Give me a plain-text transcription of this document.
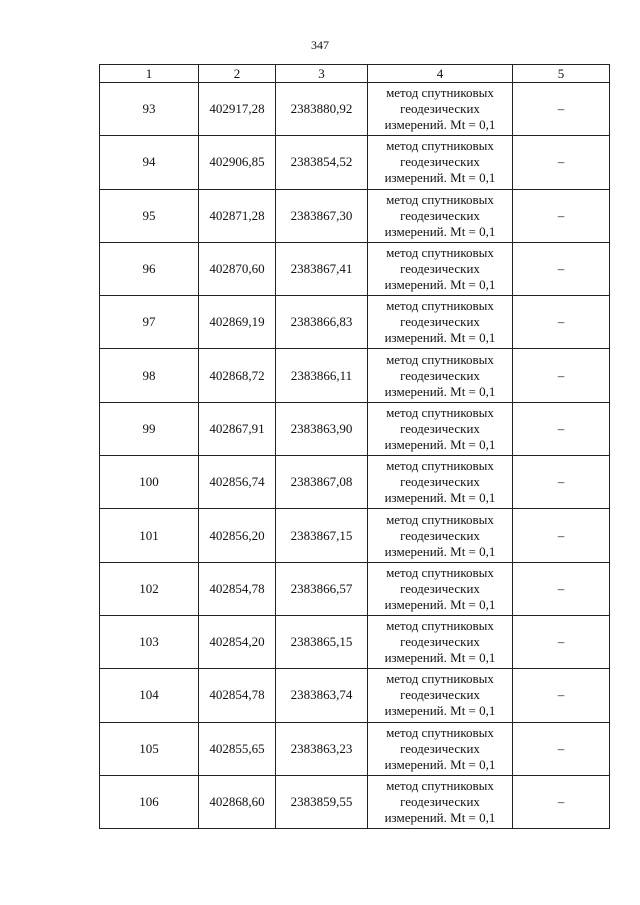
347
1	2	3	4	5
93	402917,28	2383880,92	метод спутниковых
геодезических
измерений. Mt = 0,1	–
94	402906,85	2383854,52	метод спутниковых
геодезических
измерений. Mt = 0,1	–
95	402871,28	2383867,30	метод спутниковых
геодезических
измерений. Mt = 0,1	–
96	402870,60	2383867,41	метод спутниковых
геодезических
измерений. Mt = 0,1	–
97	402869,19	2383866,83	метод спутниковых
геодезических
измерений. Mt = 0,1	–
98	402868,72	2383866,11	метод спутниковых
геодезических
измерений. Mt = 0,1	–
99	402867,91	2383863,90	метод спутниковых
геодезических
измерений. Mt = 0,1	–
100	402856,74	2383867,08	метод спутниковых
геодезических
измерений. Mt = 0,1	–
101	402856,20	2383867,15	метод спутниковых
геодезических
измерений. Mt = 0,1	–
102	402854,78	2383866,57	метод спутниковых
геодезических
измерений. Mt = 0,1	–
103	402854,20	2383865,15	метод спутниковых
геодезических
измерений. Mt = 0,1	–
104	402854,78	2383863,74	метод спутниковых
геодезических
измерений. Mt = 0,1	–
105	402855,65	2383863,23	метод спутниковых
геодезических
измерений. Mt = 0,1	–
106	402868,60	2383859,55	метод спутниковых
геодезических
измерений. Mt = 0,1	–
